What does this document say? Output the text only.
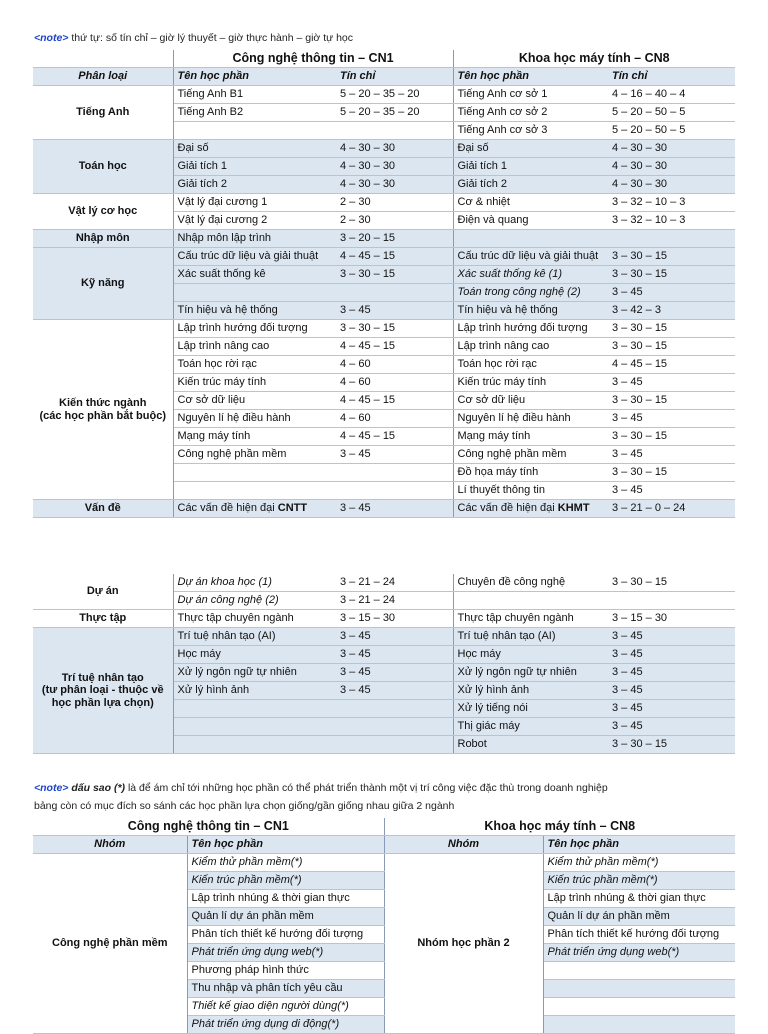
<note> thứ tự: số tín chỉ – giờ lý thuyết – giờ thực hành – giờ tự học
	Công nghệ thông tin – CN1		Khoa học máy tính – CN8	
Phân loại	Tên học phần	Tín chỉ	Tên học phần	Tín chỉ
Tiếng Anh	Tiếng Anh B1	5 – 20 – 35 – 20	Tiếng Anh cơ sở 1	4 – 16 – 40 – 4
	Tiếng Anh B2	5 – 20 – 35 – 20	Tiếng Anh cơ sở 2	5 – 20 – 50 – 5
			Tiếng Anh cơ sở 3	5 – 20 – 50 – 5
Toán học	Đại số	4 – 30 – 30	Đại số	4 – 30 – 30
	Giải tích 1	4 – 30 – 30	Giải tích 1	4 – 30 – 30
	Giải tích 2	4 – 30 – 30	Giải tích 2	4 – 30 – 30
Vật lý cơ học	Vật lý đại cương 1	2 – 30	Cơ & nhiệt	3 – 32 – 10 – 3
	Vật lý đại cương 2	2 – 30	Điện và quang	3 – 32 – 10 – 3
Nhập môn	Nhập môn lập trình	3 – 20 – 15		
Kỹ năng	Cấu trúc dữ liệu và giải thuật	4 – 45 – 15	Cấu trúc dữ liệu và giải thuật	3 – 30 – 15
	Xác suất thống kê	3 – 30 – 15	Xác suất thống kê (1)	3 – 30 – 15
			Toán trong công nghệ (2)	3 – 45
	Tín hiệu và hệ thống	3 – 45	Tín hiệu và hệ thống	3 – 42 – 3
Kiến thức ngành
(các học phần bắt buộc)	Lập trình hướng đối tượng	3 – 30 – 15	Lập trình hướng đối tượng	3 – 30 – 15
	Lập trình nâng cao	4 – 45 – 15	Lập trình nâng cao	3 – 30 – 15
	Toán học rời rạc	4 – 60	Toán học rời rạc	4 – 45 – 15
	Kiến trúc máy tính	4 – 60	Kiến trúc máy tính	3 – 45
	Cơ sở dữ liệu	4 – 45 – 15	Cơ sở dữ liệu	3 – 30 – 15
	Nguyên lí hệ điều hành	4 – 60	Nguyên lí hệ điều hành	3 – 45
	Mạng máy tính	4 – 45 – 15	Mạng máy tính	3 – 30 – 15
	Công nghệ phần mềm	3 – 45	Công nghệ phần mềm	3 – 45
			Đồ họa máy tính	3 – 30 – 15
			Lí thuyết thông tin	3 – 45
Vấn đề	Các vấn đề hiện đại CNTT	3 – 45	Các vấn đề hiện đại KHMT	3 – 21 – 0 – 24
Dự án	Dự án khoa học (1)	3 – 21 – 24	Chuyên đề công nghệ	3 – 30 – 15
	Dự án công nghệ (2)	3 – 21 – 24		
Thực tập	Thực tập chuyên ngành	3 – 15 – 30	Thực tập chuyên ngành	3 – 15 – 30
Trí tuệ nhân tạo
(tư phân loại - thuộc về học phần lựa chọn)	Trí tuệ nhân tạo (AI)	3 – 45	Trí tuệ nhân tạo (AI)	3 – 45
	Học máy	3 – 45	Học máy	3 – 45
	Xử lý ngôn ngữ tự nhiên	3 – 45	Xử lý ngôn ngữ tự nhiên	3 – 45
	Xử lý hình ảnh	3 – 45	Xử lý hình ảnh	3 – 45
			Xử lý tiếng nói	3 – 45
			Thị giác máy	3 – 45
			Robot	3 – 30 – 15
<note> dấu sao (*) là để ám chỉ tới những học phần có thể phát triển thành một vị trí công việc đặc thù trong doanh nghiệp
bảng còn có mục đích so sánh các học phần lựa chọn giống/gần giống nhau giữa 2 ngành
Công nghệ thông tin – CN1		Khoa học máy tính – CN8	
Nhóm	Tên học phần	Nhóm	Tên học phần
Công nghệ phần mềm	Kiểm thử phần mềm(*)	Nhóm học phần 2	Kiểm thử phần mềm(*)
	Kiến trúc phần mềm(*)		Kiến trúc phần mềm(*)
	Lập trình nhúng & thời gian thực		Lập trình nhúng & thời gian thực
	Quản lí dự án phần mềm		Quản lí dự án phần mềm
	Phân tích thiết kế hướng đối tượng		Phân tích thiết kế hướng đối tượng
	Phát triển ứng dụng web(*)		Phát triển ứng dụng web(*)
	Phương pháp hình thức		
	Thu nhập và phân tích yêu cầu		
	Thiết kế giao diện người dùng(*)		
	Phát triển ứng dụng di động(*)		
